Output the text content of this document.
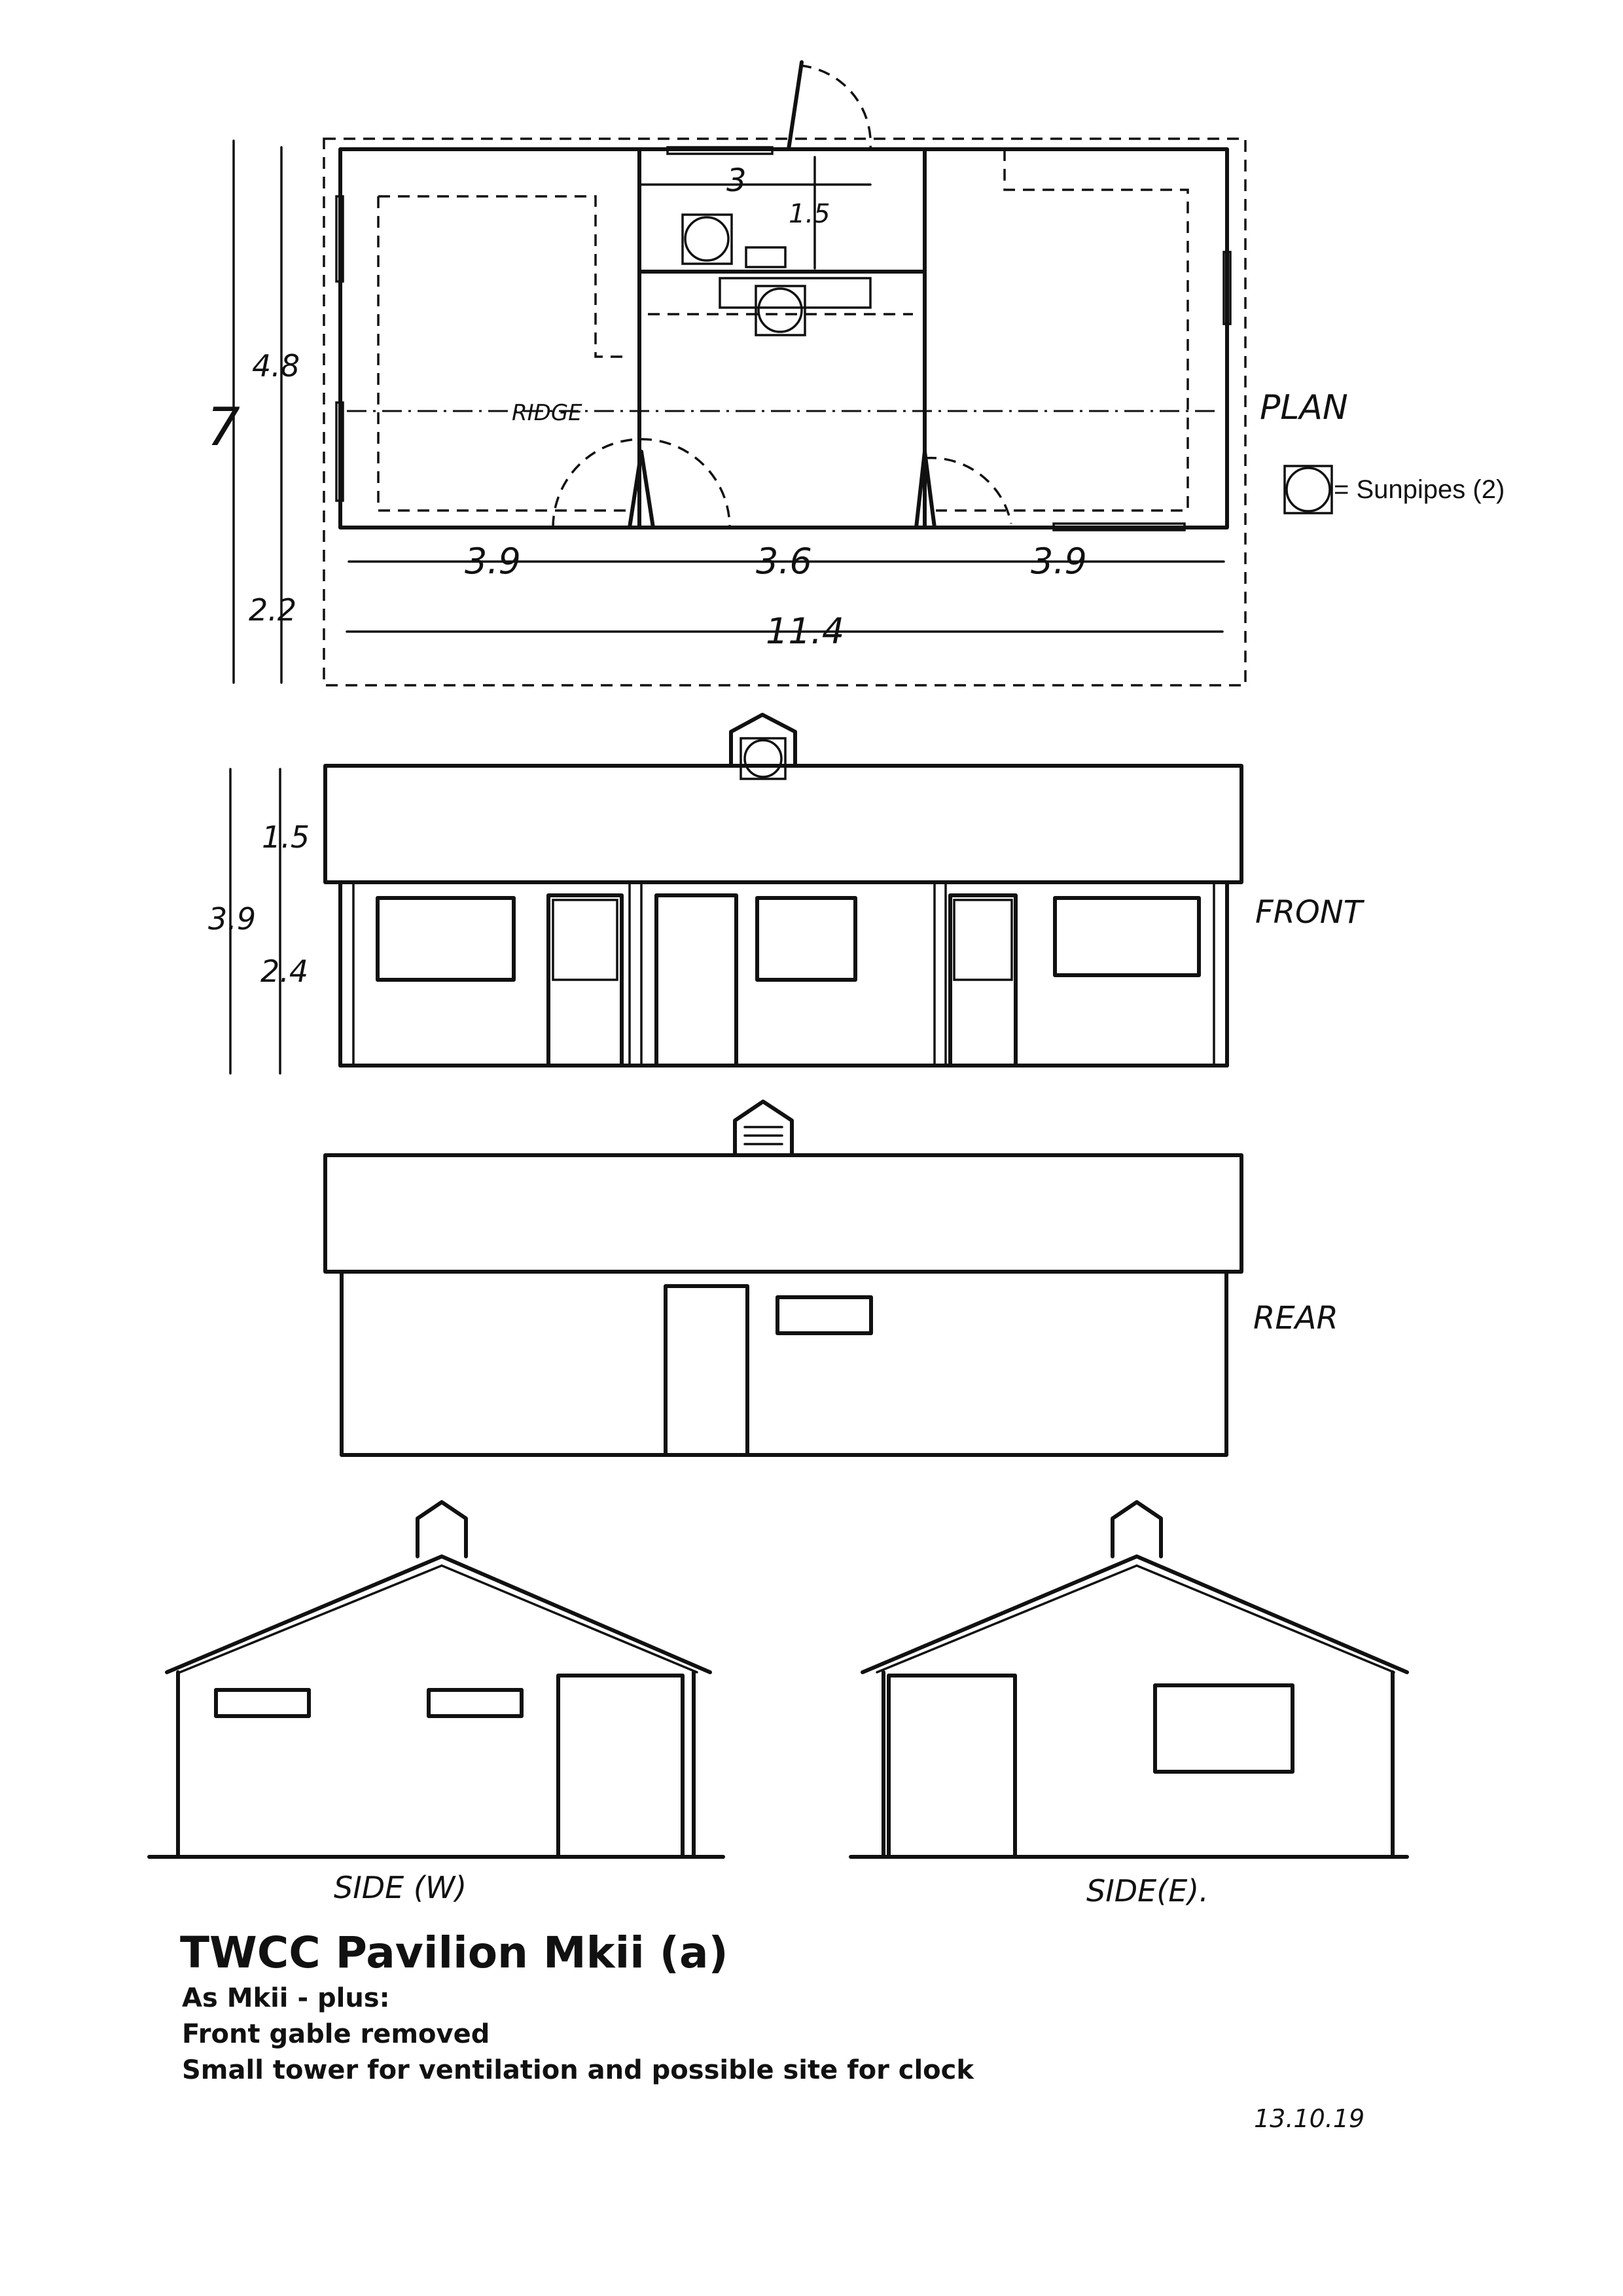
3
1.5
RIDGE
7
4.8
2.2
3.9	3.6	3.9
11.4
PLAN
3.9
1.5
2.4
FRONT
REAR
SIDE (W)	SIDE(E).
= Sunpipes (2)
TWCC Pavilion Mkii (a)

As Mkii - plus:

Front gable removed

Small tower for ventilation and possible site for clock

13.10.19
